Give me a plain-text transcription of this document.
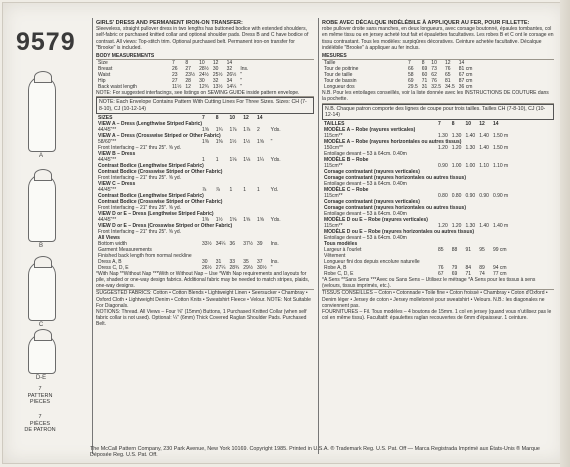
9579
A
B
C
D-E
7
PATTERN
PIECES
7
PIÈCES
DE PATRON
GIRLS' DRESS AND PERMANENT IRON-ON TRANSFER:
Sleeveless, straight pullover dress in two lengths has buttoned bodice with extended shoulders, self-fabric or purchased knitted collar and optional shoulder pads. Dress B and C have bodice of contrast. All views: Top-stitch trim. Optional purchased belt. Permanent iron-on transfer for "Brooke" is included.
BODY MEASUREMENTS
Size	7	8	10	12	14	
Breast	26	27	28½	30	32	Ins.
Waist	23	23½	24½	25½	26½	"
Hip	27	28	30	32	34	"
Back waist length	11½	12	12¾	13½	14¼	"
NOTE: For suggested interfacings, see listings on SEWING GUIDE inside pattern envelope.
NOTE: Each Envelope Contains Pattern With Cutting Lines For Three Sizes. Sizes: CH (7-8-10), CJ (10-12-14)
SIZES	7	8	10	12	14	
VIEW A – Dress (Lengthwise Striped Fabric)						
44/45"**	1⅝	1¾	1⅞	1⅞	2	Yds.
VIEW A – Dress (Crosswise Striped or Other Fabric)						
58/60"**	1⅜	1⅜	1½	1½	1⅝	"
Front Interfacing – 21" thru 25". ⅝ yd.						
VIEW B – Dress						
44/45"**	1	1	1⅛	1⅛	1¼	Yds.
Contrast Bodice (Lengthwise Striped Fabric)						
Contrast Bodice (Crosswise Striped or Other Fabric)						
Front Interfacing – 21" thru 25". ⅝ yd.						
VIEW C – Dress						
44/45"**	⅞	⅞	1	1	1	Yd.
Contrast Bodice (Lengthwise Striped Fabric)						
Contrast Bodice (Crosswise Striped or Other Fabric)						
Front Interfacing – 21" thru 25". ⅝ yd.						
VIEW D or E – Dress (Lengthwise Striped Fabric)						
44/45"**	1⅜	1½	1⅝	1⅝	1⅝	Yds.
VIEW D or E – Dress (Crosswise Striped or Other Fabric)						
Front Interfacing – 21" thru 25". ⅝ yd.						
All Views						
Bottom width	33½	34¼	36	37½	39	Ins.
Garment Measurements						
Finished back length from normal neckline						
Dress A, B	30	31	33	35	37	Ins.
Dress C, D, E	26½	27¼	28¾	29½	30½	"
*With Nap **Without Nap ***With or Without Nap – Use *With Nap requirements and layouts for pile, shaded or one-way design fabrics. Additional fabric may be needed to match stripes, plaids, one-way designs.
SUGGESTED FABRICS: Cotton • Cotton Blends • Lightweight Linen • Seersucker • Chambray • Oxford Cloth • Lightweight Denim • Cotton Knits • Sweatshirt Fleece • Velour. NOTE: Not Suitable For Diagonals.
NOTIONS: Thread. All Views – Four ⅝" (15mm) Buttons, 1 Purchased Knitted Collar (when self fabric collar is not used). Optional: ¼" (6mm) Thick Covered Raglan Shoulder Pads. Purchased Belt.
ROBE AVEC DÉCALQUE INDÉLÉBILE À APPLIQUER AU FER, POUR FILLETTE:
robe pullover droite sans manches, en deux longueurs, avec corsage boutonné, épaules tombantes, col en même tissu ou en jersey acheté tout fait et épaulettes facultatives. Les robes B et C ont le corsage en tissu contrastant. Tous les modèles: surpiqûres décoratives. Ceinture achetée facultative. Décalque indélébile "Brooke" à appliquer au fer inclus.
MESURES
Taille	7	8	10	12	14
Tour de poitrine	66	69	73	76	81 cm
Tour de taille	58	60	62	65	67 cm
Tour de bassin	69	71	76	81	87 cm
Longueur dos	29.5	31	32.5	34.5	36 cm
N.B. Pour les entoilages conseillés, voir la liste donnée avec les INSTRUCTIONS DE COUTURE dans la pochette.
N.B. Chaque patron comporte des lignes de coupe pour trois tailles. Tailles CH (7-8-10), CJ (10-12-14)
TAILLES	7	8	10	12	14
MODÈLE A – Robe (rayures verticales)					
115cm**	1.30	1.30	1.40	1.40	1.50 m
MODÈLE A – Robe (rayures horizontales ou autres tissus)					
150cm**	1.20	1.20	1.30	1.40	1.50 m
Entoilage devant – 53 à 64cm. 0.40m					
MODÈLE B – Robe					
115cm**	0.90	1.00	1.00	1.10	1.10 m
Corsage contrastant (rayures verticales)					
Corsage contrastant (rayures horizontales ou autres tissus)					
Entoilage devant – 53 à 64cm. 0.40m					
MODÈLE C – Robe					
115cm**	0.80	0.80	0.90	0.90	0.90 m
Corsage contrastant (rayures verticales)					
Corsage contrastant (rayures horizontales ou autres tissus)					
Entoilage devant – 53 à 64cm. 0.40m					
MODÈLE D ou E – Robe (rayures verticales)					
115cm**	1.20	1.20	1.30	1.40	1.40 m
MODÈLE D ou E – Robe (rayures horizontales ou autres tissus)					
Entoilage devant – 53 à 64cm. 0.40m					
Tous modèles					
Largeur à l'ourlet	85	88	91	95	99 cm
Vêtement					
Longueur fini dos depuis encolure naturelle					
Robe A, B	76	79	84	89	94 cm
Robe C, D, E	67	69	71	74	77 cm
*A Sens **Sans Sens ***Avec ou Sans Sens – Utilisez le métrage *A Sens pour les tissus à sens (velours, tissus imprimés, etc.).
TISSUS CONSEILLÉS – Coton • Cotonnade • Toile fine • Coton froissé • Chambray • Coton d'Oxford • Denim léger • Jersey de coton • Jersey molletonné pour sweatshirt • Velours. N.B.: les diagonales ne conviennent pas.
FOURNITURES – Fil. Tous modèles – 4 boutons de 15mm. 1 col en jersey (quand vous n'utilisez pas le col en même tissu). Facultatif: épaulettes raglan recouvertes de 6mm d'épaisseur. 1 ceinture.
The McCall Pattern Company, 230 Park Avenue, New York 10169. Copyright 1985. Printed in U.S.A. ® Trademark Reg. U.S. Pat. Off — Marca Registrada Imprimé aux États-Unis ® Marque Déposée Reg. U.S. Pat. Off.
